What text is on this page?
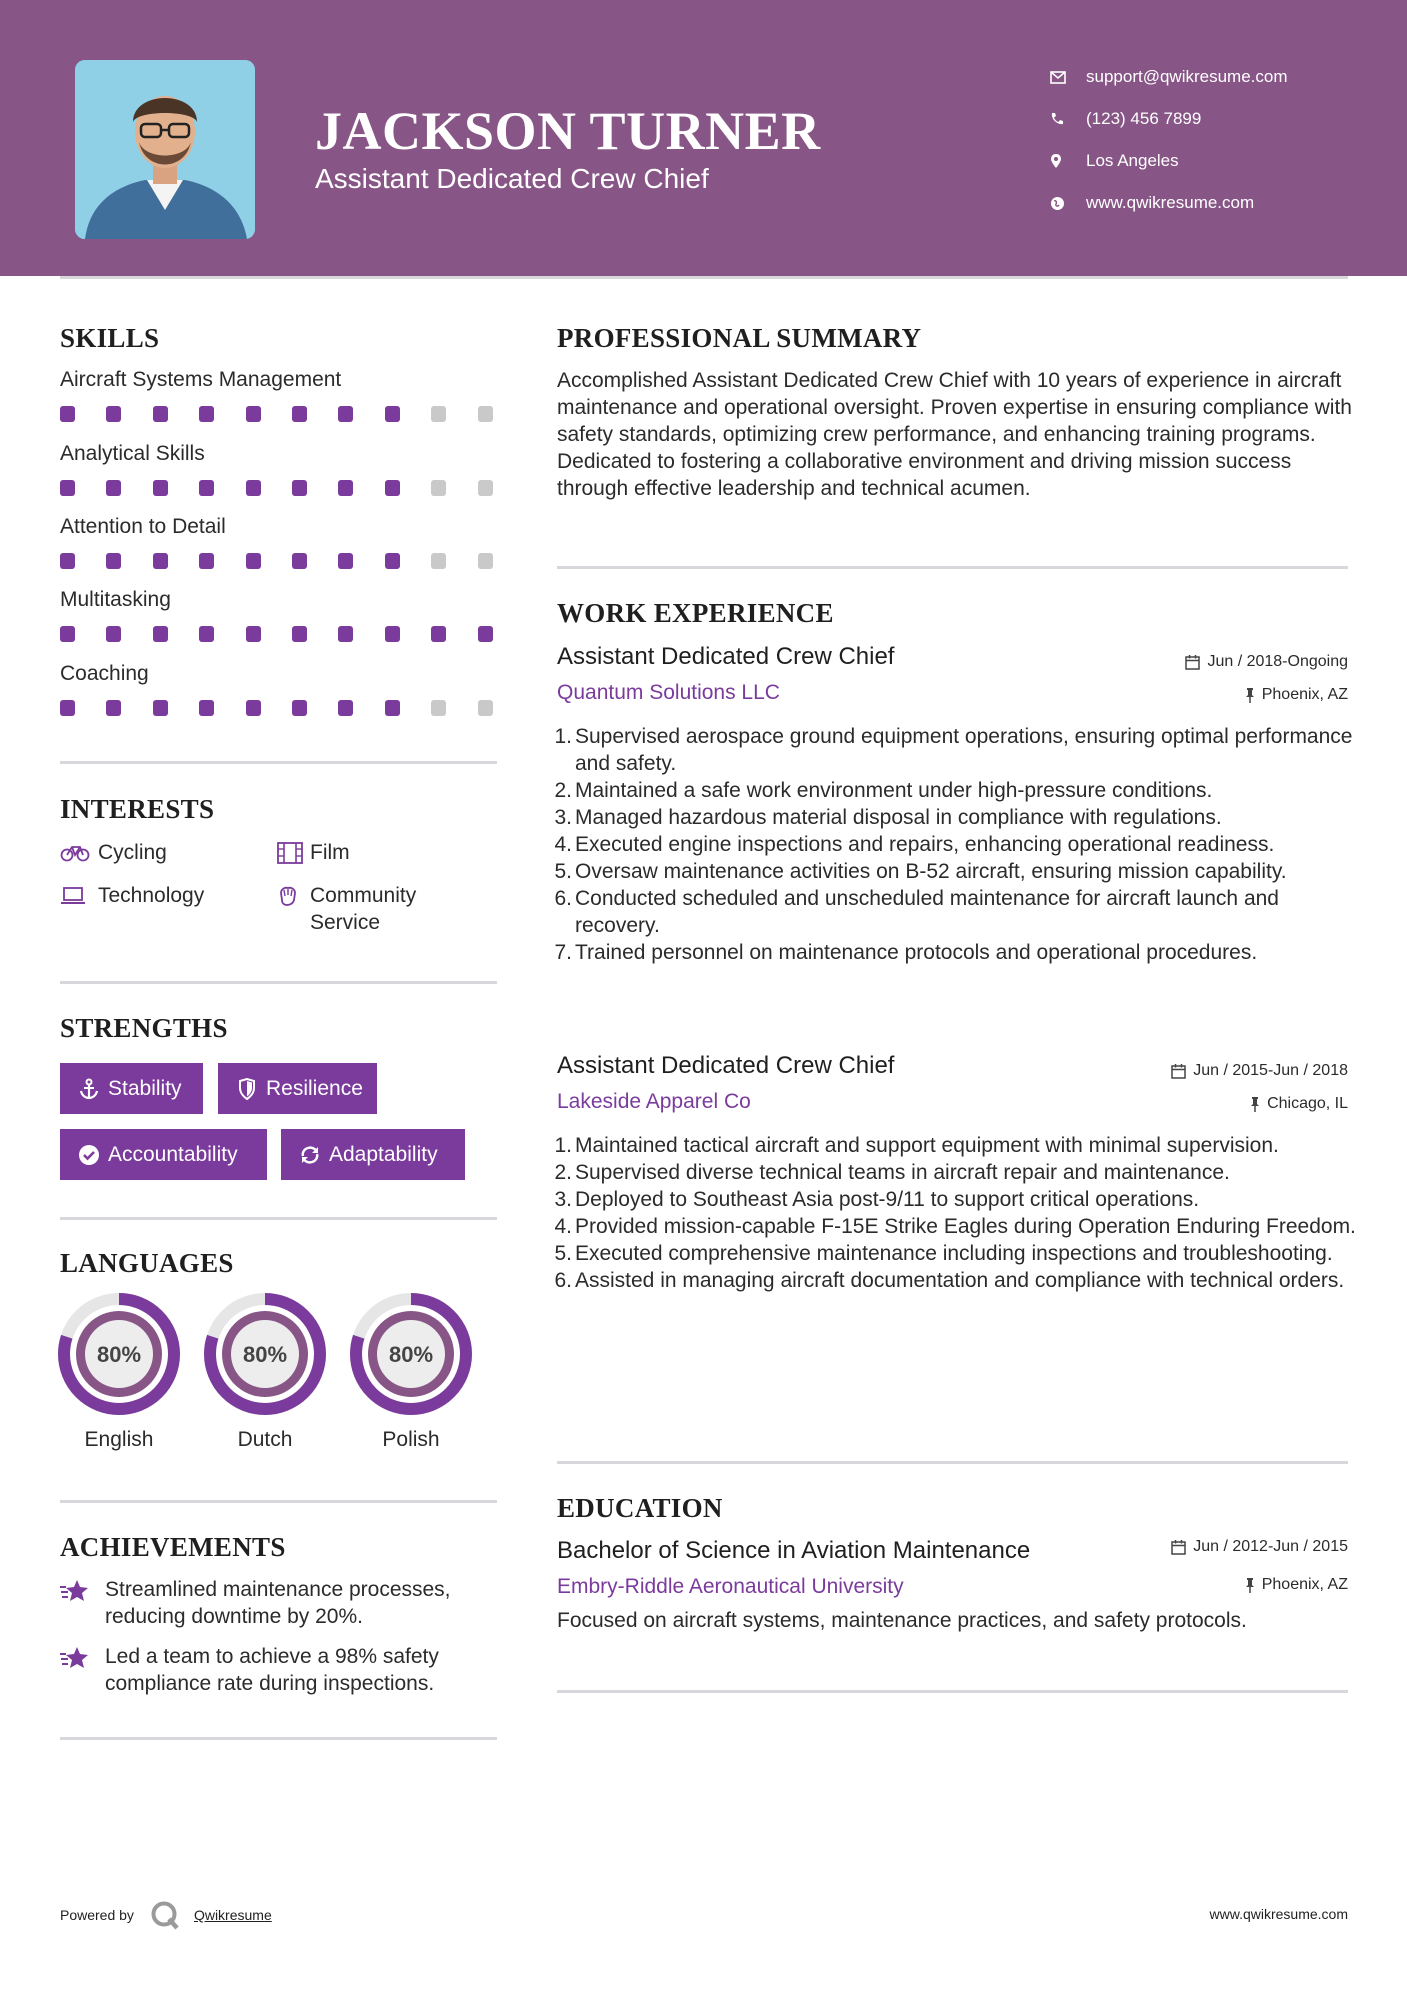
JACKSON TURNER
Assistant Dedicated Crew Chief
support@qwikresume.com
(123) 456 7899
Los Angeles
www.qwikresume.com
SKILLS
Aircraft Systems Management
Analytical Skills
Attention to Detail
Multitasking
Coaching
INTERESTS
Cycling	Film
Technology	Community Service
STRENGTHS
Stability	Resilience
Accountability	Adaptability
LANGUAGES
80%	80%	80%
English	Dutch	Polish
ACHIEVEMENTS
Streamlined maintenance processes, reducing downtime by 20%.
Led a team to achieve a 98% safety compliance rate during inspections.
PROFESSIONAL SUMMARY
Accomplished Assistant Dedicated Crew Chief with 10 years of experience in aircraft maintenance and operational oversight. Proven expertise in ensuring compliance with safety standards, optimizing crew performance, and enhancing training programs. Dedicated to fostering a collaborative environment and driving mission success through effective leadership and technical acumen.
WORK EXPERIENCE
Assistant Dedicated Crew Chief	Jun / 2018-Ongoing
Quantum Solutions LLC	Phoenix, AZ
1. Supervised aerospace ground equipment operations, ensuring optimal performance and safety.
2. Maintained a safe work environment under high-pressure conditions.
3. Managed hazardous material disposal in compliance with regulations.
4. Executed engine inspections and repairs, enhancing operational readiness.
5. Oversaw maintenance activities on B-52 aircraft, ensuring mission capability.
6. Conducted scheduled and unscheduled maintenance for aircraft launch and recovery.
7. Trained personnel on maintenance protocols and operational procedures.
Assistant Dedicated Crew Chief	Jun / 2015-Jun / 2018
Lakeside Apparel Co	Chicago, IL
1. Maintained tactical aircraft and support equipment with minimal supervision.
2. Supervised diverse technical teams in aircraft repair and maintenance.
3. Deployed to Southeast Asia post-9/11 to support critical operations.
4. Provided mission-capable F-15E Strike Eagles during Operation Enduring Freedom.
5. Executed comprehensive maintenance including inspections and troubleshooting.
6. Assisted in managing aircraft documentation and compliance with technical orders.
EDUCATION
Bachelor of Science in Aviation Maintenance	Jun / 2012-Jun / 2015
Embry-Riddle Aeronautical University	Phoenix, AZ
Focused on aircraft systems, maintenance practices, and safety protocols.
Powered by	Qwikresume	www.qwikresume.com
